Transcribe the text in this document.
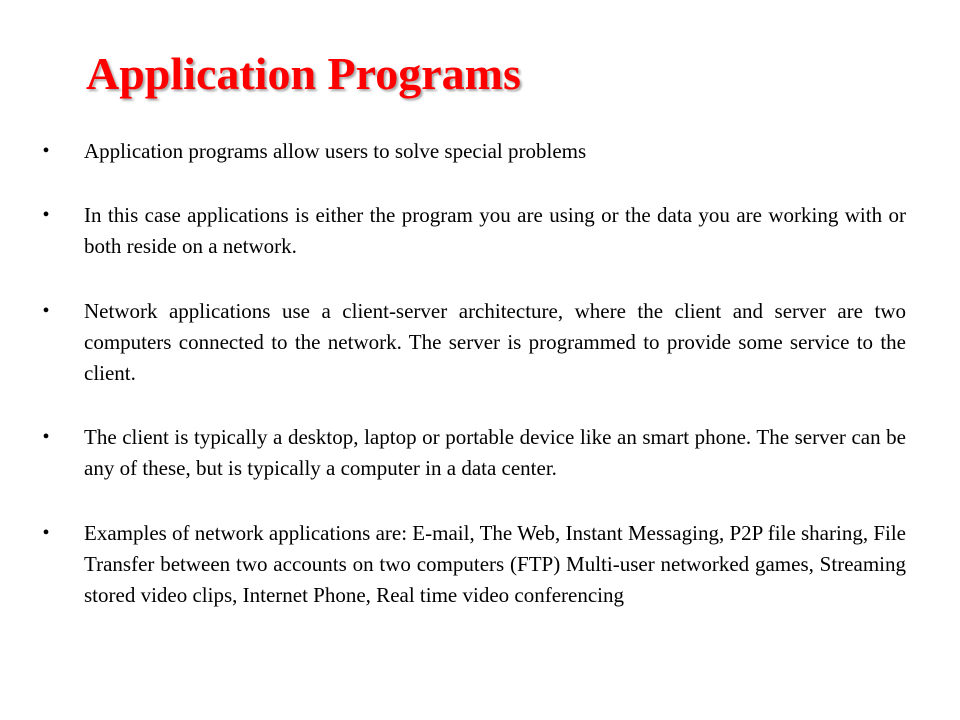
Application Programs
•	Application programs allow users to solve special problems
•	In this case applications is either the program you are using or the data you are working with or both reside on a network.
•	Network applications use a client-server architecture, where the client and server are two computers connected to the network. The server is programmed to provide some service to the client.
•	The client is typically a desktop, laptop or portable device like an smart phone. The server can be any of these, but is typically a computer in a data center.
•	Examples of network applications are: E-mail, The Web, Instant Messaging, P2P file sharing, File Transfer between two accounts on two computers (FTP) Multi-user networked games, Streaming stored video clips, Internet Phone, Real time video conferencing
